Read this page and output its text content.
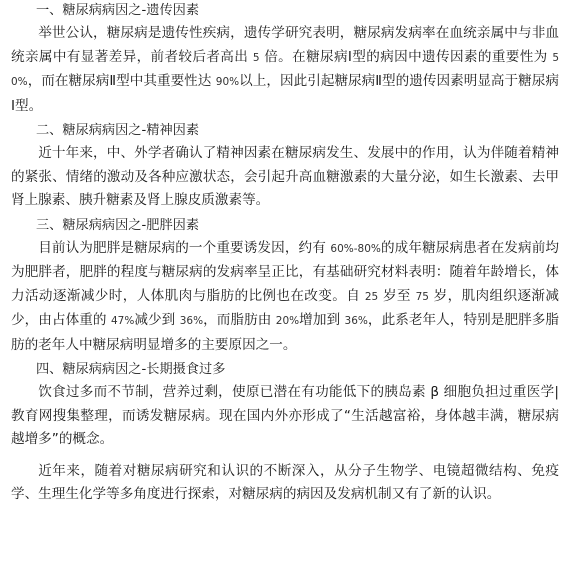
一、糖尿病病因之-遗传因素

举世公认，糖尿病是遗传性疾病，遗传学研究表明，糖尿病发病率在血统亲属中与非血统亲属中有显著差异，前者较后者高出 5 倍。在糖尿病Ⅰ型的病因中遗传因素的重要性为 50%，而在糖尿病Ⅱ型中其重要性达 90%以上，因此引起糖尿病Ⅱ型的遗传因素明显高于糖尿病Ⅰ型。

二、糖尿病病因之-精神因素

近十年来，中、外学者确认了精神因素在糖尿病发生、发展中的作用，认为伴随着精神的紧张、情绪的激动及各种应激状态，会引起升高血糖激素的大量分泌，如生长激素、去甲肾上腺素、胰升糖素及肾上腺皮质激素等。

三、糖尿病病因之-肥胖因素

目前认为肥胖是糖尿病的一个重要诱发因，约有 60%-80%的成年糖尿病患者在发病前均为肥胖者，肥胖的程度与糖尿病的发病率呈正比，有基础研究材料表明：随着年龄增长，体力活动逐渐减少时，人体肌肉与脂肪的比例也在改变。自 25 岁至 75 岁，肌肉组织逐渐减少，由占体重的 47%减少到 36%，而脂肪由 20%增加到 36%，此系老年人，特别是肥胖多脂肪的老年人中糖尿病明显增多的主要原因之一。

四、糖尿病病因之-长期摄食过多

饮食过多而不节制，营养过剩，使原已潜在有功能低下的胰岛素 β 细胞负担过重医学|教育网搜集整理，而诱发糖尿病。现在国内外亦形成了“生活越富裕，身体越丰满，糖尿病越增多”的概念。

近年来，随着对糖尿病研究和认识的不断深入，从分子生物学、电镜超微结构、免疫学、生理生化学等多角度进行探索，对糖尿病的病因及发病机制又有了新的认识。
